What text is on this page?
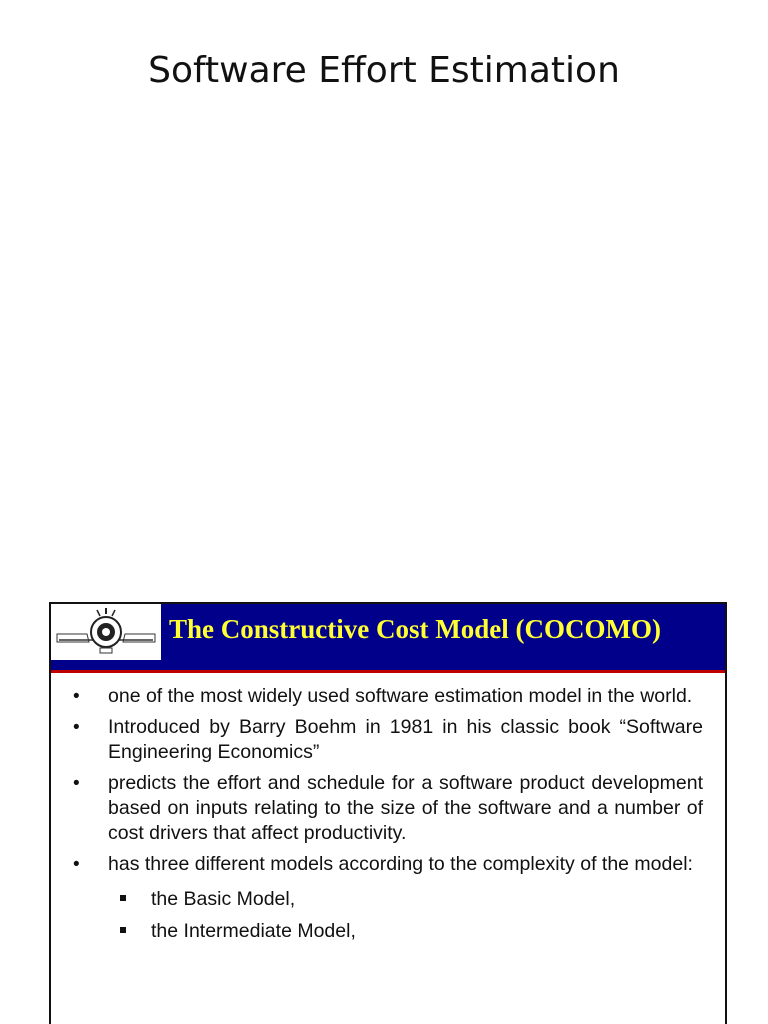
Software Effort Estimation
The Constructive Cost Model (COCOMO)
• one of the most widely used software estimation model in the world.
• Introduced by Barry Boehm in 1981 in his classic book “Software Engineering Economics”
• predicts the effort and schedule for a software product development based on inputs relating to the size of the software and a number of cost drivers that affect productivity.
• has three different models according to the complexity of the model:
the Basic Model,
the Intermediate Model,
